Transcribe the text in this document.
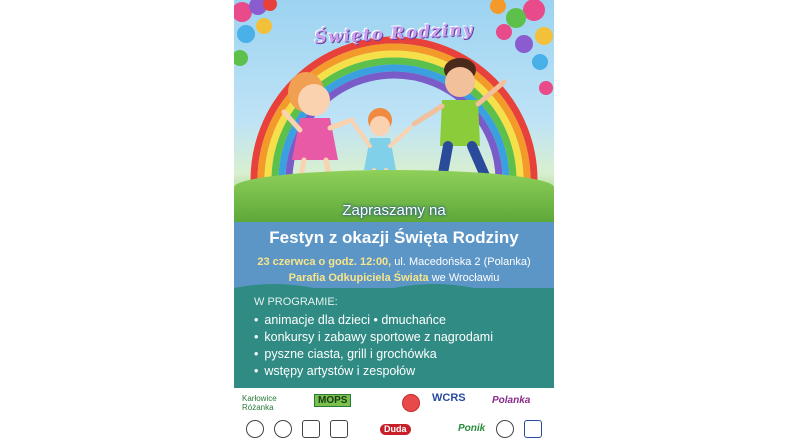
Święto Rodziny
Zapraszamy na
Festyn z okazji Święta Rodziny
23 czerwca o godz. 12:00, ul. Macedońska 2 (Polanka)
Parafia Odkupiciela Świata we Wrocławiu
W PROGRAMIE:
• animacje dla dzieci • dmuchańce
• konkursy i zabawy sportowe z nagrodami
• pyszne ciasta, grill i grochówka
• wstępy artystów i zespołów
Karłowice Różanka
MOPS	WCRS	Polanka
Duda	Ponik
